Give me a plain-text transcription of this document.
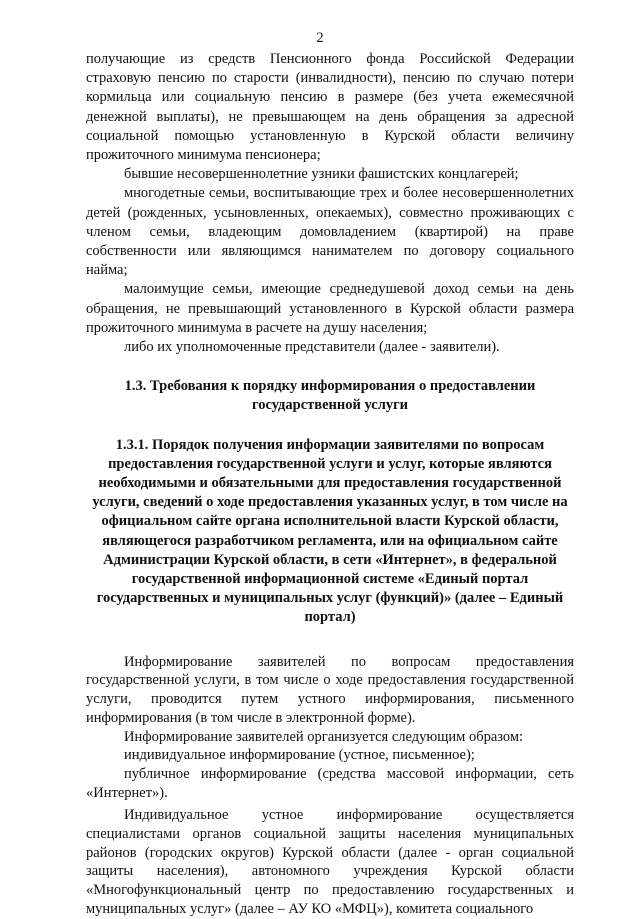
2

получающие из средств Пенсионного фонда Российской Федерации страховую пенсию по старости (инвалидности), пенсию по случаю потери кормильца или социальную пенсию в размере (без учета ежемесячной денежной выплаты), не превышающем на день обращения за адресной социальной помощью установленную в Курской области величину прожиточного минимума пенсионера;

бывшие несовершеннолетние узники фашистских концлагерей;

многодетные семьи, воспитывающие трех и более несовершеннолетних детей (рожденных, усыновленных, опекаемых), совместно проживающих с членом семьи, владеющим домовладением (квартирой) на праве собственности или являющимся нанимателем по договору социального найма;

малоимущие семьи, имеющие среднедушевой доход семьи на день обращения, не превышающий установленного в Курской области размера прожиточного минимума в расчете на душу населения;

либо их уполномоченные представители (далее - заявители).

1.3. Требования к порядку информирования о предоставлении государственной услуги
1.3.1. Порядок получения информации заявителями по вопросам предоставления государственной услуги и услуг, которые являются необходимыми и обязательными для предоставления государственной услуги, сведений о ходе предоставления указанных услуг, в том числе на официальном сайте органа исполнительной власти Курской области, являющегося разработчиком регламента, или на официальном сайте Администрации Курской области, в сети «Интернет», в федеральной государственной информационной системе «Единый портал государственных и муниципальных услуг (функций)» (далее – Единый портал)

Информирование заявителей по вопросам предоставления государственной услуги, в том числе о ходе предоставления государственной услуги, проводится путем устного информирования, письменного информирования (в том числе в электронной форме).

Информирование заявителей организуется следующим образом:

индивидуальное информирование (устное, письменное);

публичное информирование (средства массовой информации, сеть «Интернет»).

Индивидуальное устное информирование осуществляется специалистами органов социальной защиты населения муниципальных районов (городских округов) Курской области (далее - орган социальной защиты населения), автономного учреждения Курской области «Многофункциональный центр по предоставлению государственных и муниципальных услуг» (далее – АУ КО «МФЦ»), комитета социального
